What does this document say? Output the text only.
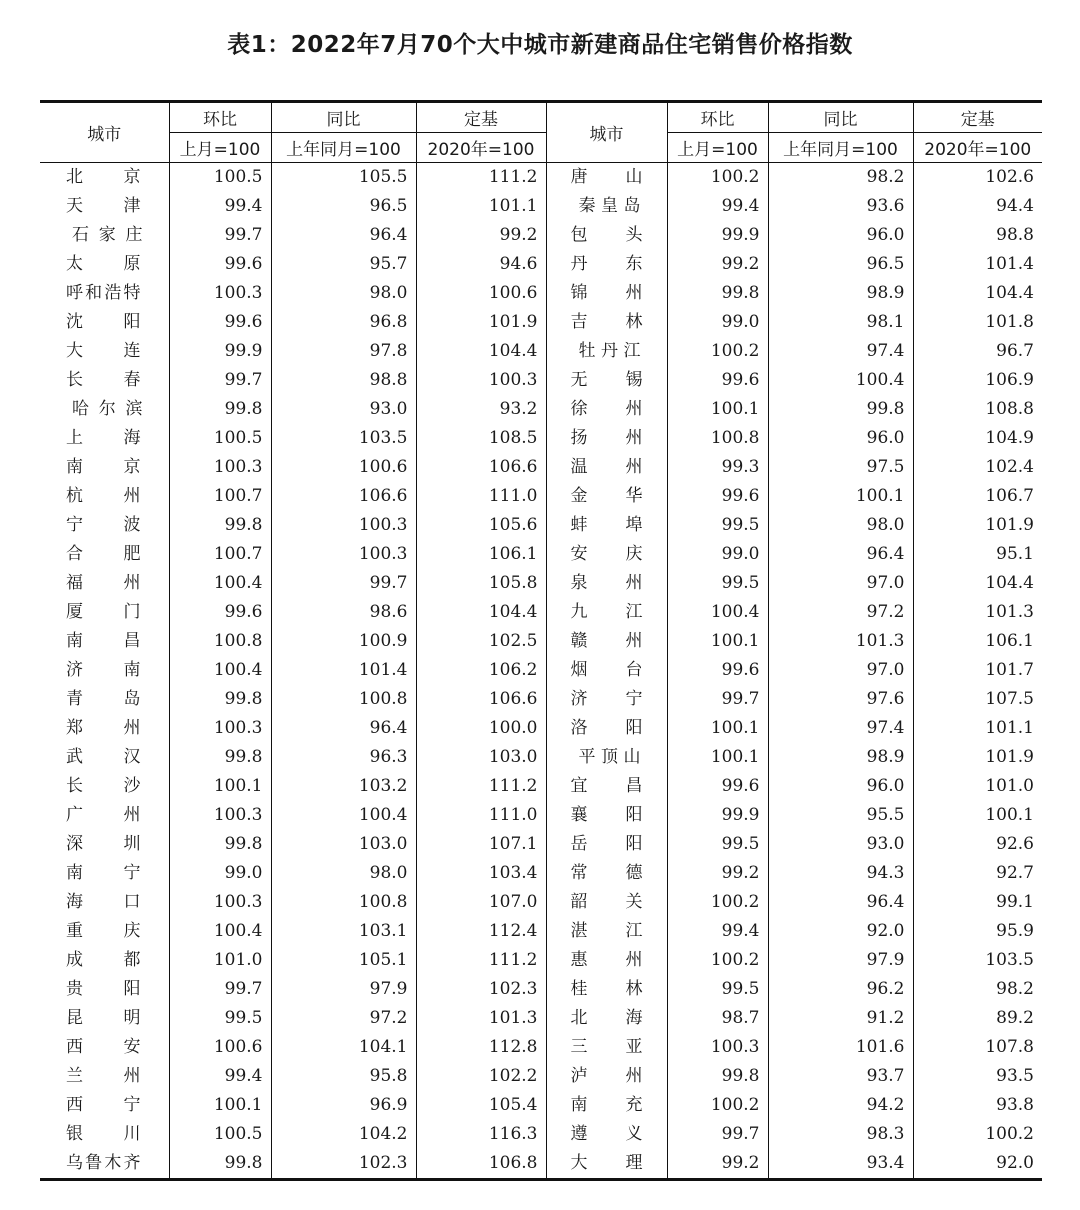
表1：2022年7月70个大中城市新建商品住宅销售价格指数
城市	环比	同比	定基	城市	环比	同比	定基
	上月=100	上年同月=100	2020年=100		上月=100	上年同月=100	2020年=100

北 京	100.5	105.5	111.2	唐 山	100.2	98.2	102.6

天 津	99.4	96.5	101.1	秦 皇 岛	99.4	93.6	94.4

石 家 庄	99.7	96.4	99.2	包 头	99.9	96.0	98.8

太 原	99.6	95.7	94.6	丹 东	99.2	96.5	101.4

呼 和 浩 特	100.3	98.0	100.6	锦 州	99.8	98.9	104.4

沈 阳	99.6	96.8	101.9	吉 林	99.0	98.1	101.8

大 连	99.9	97.8	104.4	牡 丹 江	100.2	97.4	96.7

长 春	99.7	98.8	100.3	无 锡	99.6	100.4	106.9

哈 尔 滨	99.8	93.0	93.2	徐 州	100.1	99.8	108.8

上 海	100.5	103.5	108.5	扬 州	100.8	96.0	104.9

南 京	100.3	100.6	106.6	温 州	99.3	97.5	102.4

杭 州	100.7	106.6	111.0	金 华	99.6	100.1	106.7

宁 波	99.8	100.3	105.6	蚌 埠	99.5	98.0	101.9

合 肥	100.7	100.3	106.1	安 庆	99.0	96.4	95.1

福 州	100.4	99.7	105.8	泉 州	99.5	97.0	104.4

厦 门	99.6	98.6	104.4	九 江	100.4	97.2	101.3

南 昌	100.8	100.9	102.5	赣 州	100.1	101.3	106.1

济 南	100.4	101.4	106.2	烟 台	99.6	97.0	101.7

青 岛	99.8	100.8	106.6	济 宁	99.7	97.6	107.5

郑 州	100.3	96.4	100.0	洛 阳	100.1	97.4	101.1

武 汉	99.8	96.3	103.0	平 顶 山	100.1	98.9	101.9

长 沙	100.1	103.2	111.2	宜 昌	99.6	96.0	101.0

广 州	100.3	100.4	111.0	襄 阳	99.9	95.5	100.1

深 圳	99.8	103.0	107.1	岳 阳	99.5	93.0	92.6

南 宁	99.0	98.0	103.4	常 德	99.2	94.3	92.7

海 口	100.3	100.8	107.0	韶 关	100.2	96.4	99.1

重 庆	100.4	103.1	112.4	湛 江	99.4	92.0	95.9

成 都	101.0	105.1	111.2	惠 州	100.2	97.9	103.5

贵 阳	99.7	97.9	102.3	桂 林	99.5	96.2	98.2

昆 明	99.5	97.2	101.3	北 海	98.7	91.2	89.2

西 安	100.6	104.1	112.8	三 亚	100.3	101.6	107.8

兰 州	99.4	95.8	102.2	泸 州	99.8	93.7	93.5

西 宁	100.1	96.9	105.4	南 充	100.2	94.2	93.8

银 川	100.5	104.2	116.3	遵 义	99.7	98.3	100.2

乌 鲁 木 齐	99.8	102.3	106.8	大 理	99.2	93.4	92.0
